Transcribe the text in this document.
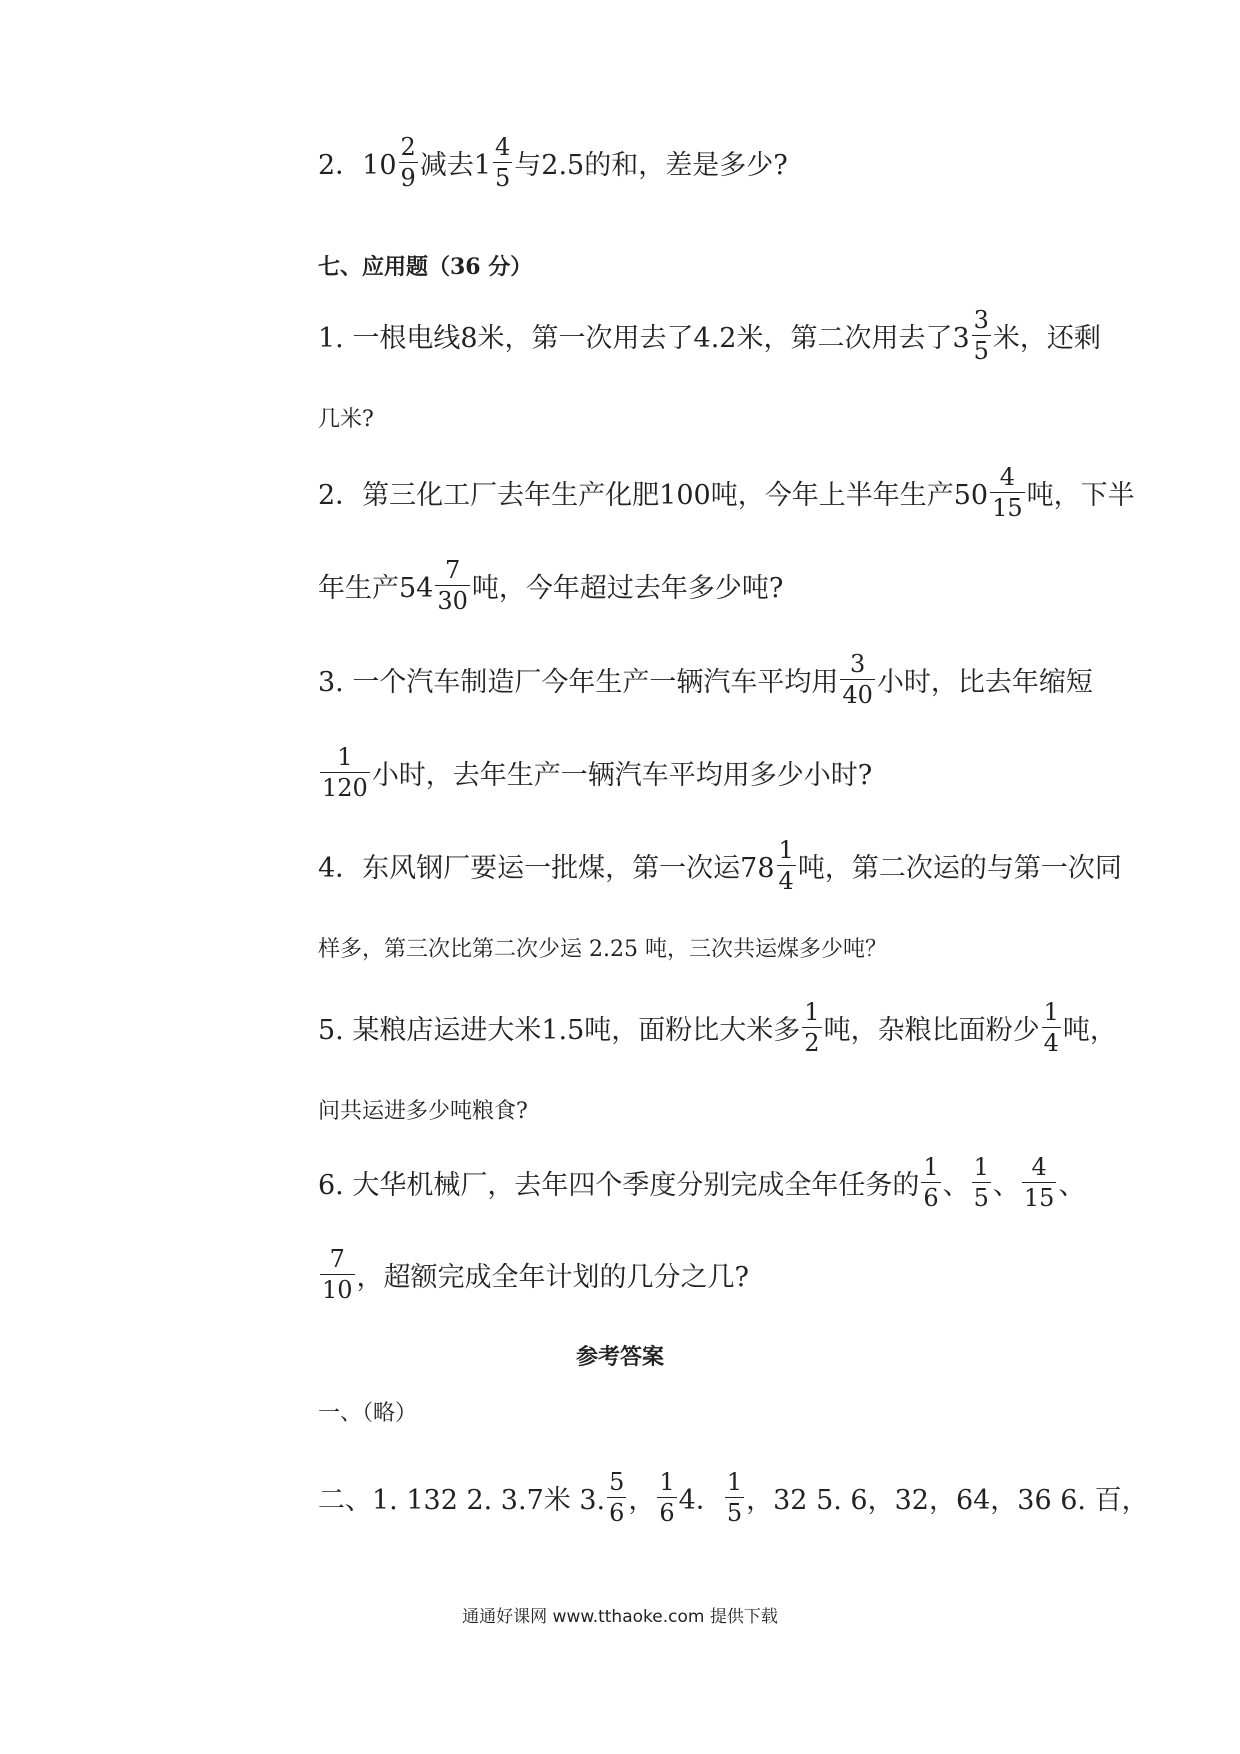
2．$10 \frac{2}{9}$ 减去$1 \frac{4}{5}$ 与2.5的和，差是多少?
七、应用题（36 分）
1. 一根电线8米，第一次用去了4.2米，第二次用去了$3 \frac{3}{5}$ 米，还剩
几米?
2．第三化工厂去年生产化肥100吨，今年上半年生产$50 \frac{4}{15}$ 吨，下半
年生产$54 \frac{7}{30}$ 吨，今年超过去年多少吨?
3. 一个汽车制造厂今年生产一辆汽车平均用 $\frac{3}{40}$ 小时，比去年缩短
$\frac{1}{120}$ 小时，去年生产一辆汽车平均用多少小时?
4．东风钢厂要运一批煤，第一次运$78 \frac{1}{4}$ 吨，第二次运的与第一次同
样多，第三次比第二次少运 2.25 吨，三次共运煤多少吨？
5. 某粮店运进大米1.5吨，面粉比大米多 $\frac{1}{2}$ 吨，杂粮比面粉少 $\frac{1}{4}$ 吨，
问共运进多少吨粮食?
6. 大华机械厂，去年四个季度分别完成全年任务的 $\frac{1}{6}$ 、 $\frac{1}{5}$ 、 $\frac{4}{15}$ 、
$\frac{7}{10}$ ，超额完成全年计划的几分之几?
参考答案
一、（略）
二、1. 132 2. 3.7米 3. $\frac{5}{6}$ ， $\frac{1}{6} 4$． $\frac{1}{5}$ ，32 5. 6，32，64，36 6. 百，
通通好课网 www.tthaoke.com 提供下载
